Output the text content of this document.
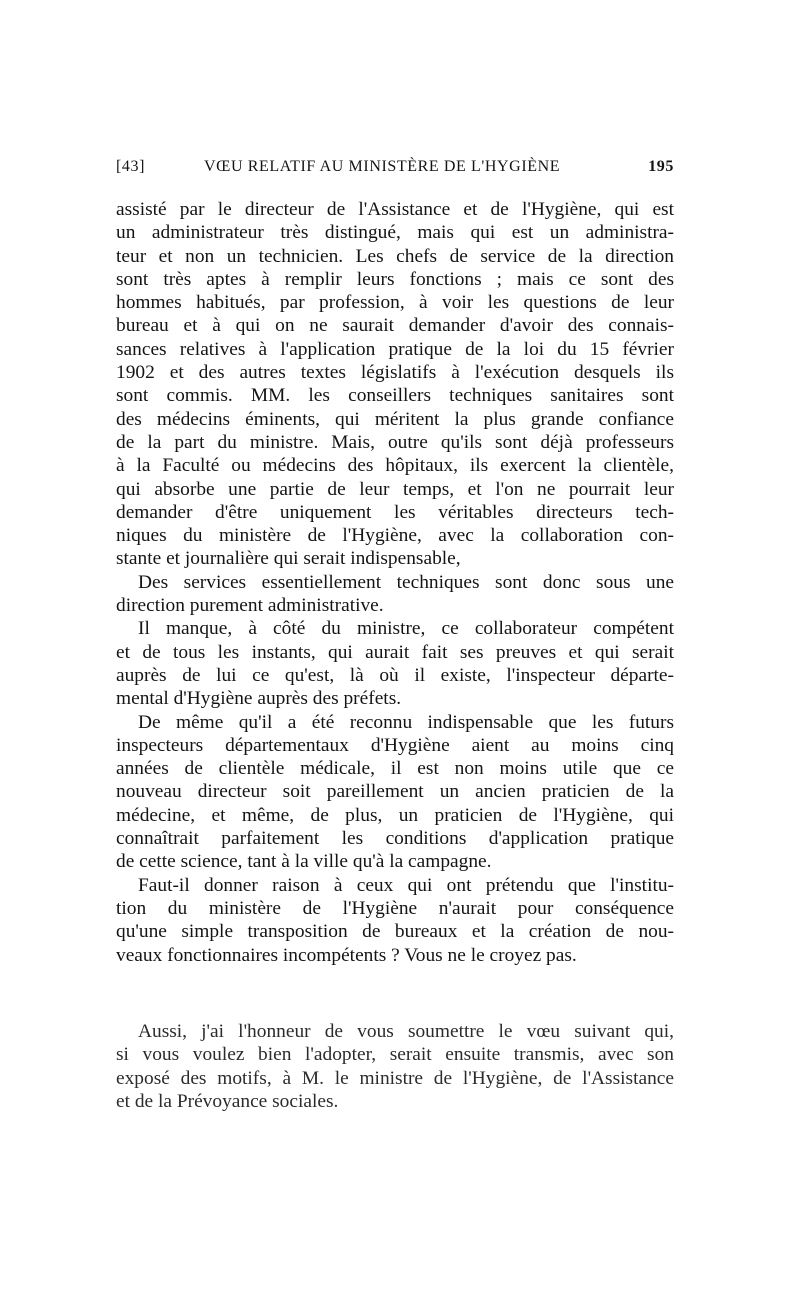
[43]	VŒU RELATIF AU MINISTÈRE DE L'HYGIÈNE	195

assisté par le directeur de l'Assistance et de l'Hygiène, qui est
un administrateur très distingué, mais qui est un administra-
teur et non un technicien. Les chefs de service de la direction
sont très aptes à remplir leurs fonctions ; mais ce sont des
hommes habitués, par profession, à voir les questions de leur
bureau et à qui on ne saurait demander d'avoir des connais-
sances relatives à l'application pratique de la loi du 15 février
1902 et des autres textes législatifs à l'exécution desquels ils
sont commis. MM. les conseillers techniques sanitaires sont
des médecins éminents, qui méritent la plus grande confiance
de la part du ministre. Mais, outre qu'ils sont déjà professeurs
à la Faculté ou médecins des hôpitaux, ils exercent la clientèle,
qui absorbe une partie de leur temps, et l'on ne pourrait leur
demander d'être uniquement les véritables directeurs tech-
niques du ministère de l'Hygiène, avec la collaboration con-
stante et journalière qui serait indispensable,

Des services essentiellement techniques sont donc sous une
direction purement administrative.

Il manque, à côté du ministre, ce collaborateur compétent
et de tous les instants, qui aurait fait ses preuves et qui serait
auprès de lui ce qu'est, là où il existe, l'inspecteur départe-
mental d'Hygiène auprès des préfets.

De même qu'il a été reconnu indispensable que les futurs
inspecteurs départementaux d'Hygiène aient au moins cinq
années de clientèle médicale, il est non moins utile que ce
nouveau directeur soit pareillement un ancien praticien de la
médecine, et même, de plus, un praticien de l'Hygiène, qui
connaîtrait parfaitement les conditions d'application pratique
de cette science, tant à la ville qu'à la campagne.

Faut-il donner raison à ceux qui ont prétendu que l'institu-
tion du ministère de l'Hygiène n'aurait pour conséquence
qu'une simple transposition de bureaux et la création de nou-
veaux fonctionnaires incompétents ? Vous ne le croyez pas.

Aussi, j'ai l'honneur de vous soumettre le vœu suivant qui,
si vous voulez bien l'adopter, serait ensuite transmis, avec son
exposé des motifs, à M. le ministre de l'Hygiène, de l'Assistance
et de la Prévoyance sociales.
